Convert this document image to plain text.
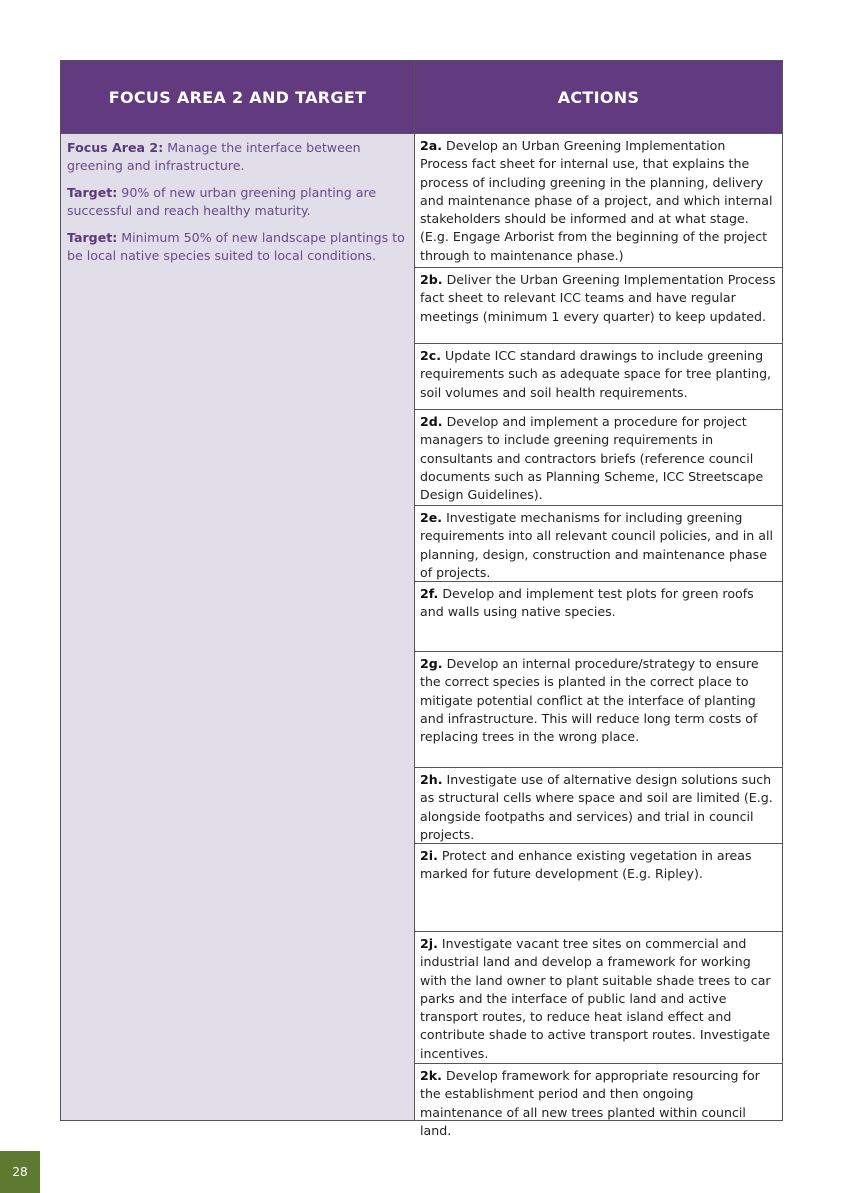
FOCUS AREA 2 AND TARGET	ACTIONS

Focus Area 2: Manage the interface between greening and infrastructure.

Target: 90% of new urban greening planting are successful and reach healthy maturity.

Target: Minimum 50% of new landscape plantings to be local native species suited to local conditions.

2a. Develop an Urban Greening Implementation Process fact sheet for internal use, that explains the process of including greening in the planning, delivery and maintenance phase of a project, and which internal stakeholders should be informed and at what stage. (E.g. Engage Arborist from the beginning of the project through to maintenance phase.)
2b. Deliver the Urban Greening Implementation Process fact sheet to relevant ICC teams and have regular meetings (minimum 1 every quarter) to keep updated.
2c. Update ICC standard drawings to include greening requirements such as adequate space for tree planting, soil volumes and soil health requirements.
2d. Develop and implement a procedure for project managers to include greening requirements in consultants and contractors briefs (reference council documents such as Planning Scheme, ICC Streetscape Design Guidelines).
2e. Investigate mechanisms for including greening requirements into all relevant council policies, and in all planning, design, construction and maintenance phase of projects.
2f. Develop and implement test plots for green roofs and walls using native species.
2g. Develop an internal procedure/strategy to ensure the correct species is planted in the correct place to mitigate potential conflict at the interface of planting and infrastructure. This will reduce long term costs of replacing trees in the wrong place.
2h. Investigate use of alternative design solutions such as structural cells where space and soil are limited (E.g. alongside footpaths and services) and trial in council projects.
2i. Protect and enhance existing vegetation in areas marked for future development (E.g. Ripley).
2j. Investigate vacant tree sites on commercial and industrial land and develop a framework for working with the land owner to plant suitable shade trees to car parks and the interface of public land and active transport routes, to reduce heat island effect and contribute shade to active transport routes. Investigate incentives.
2k. Develop framework for appropriate resourcing for the establishment period and then ongoing maintenance of all new trees planted within council land.
28
